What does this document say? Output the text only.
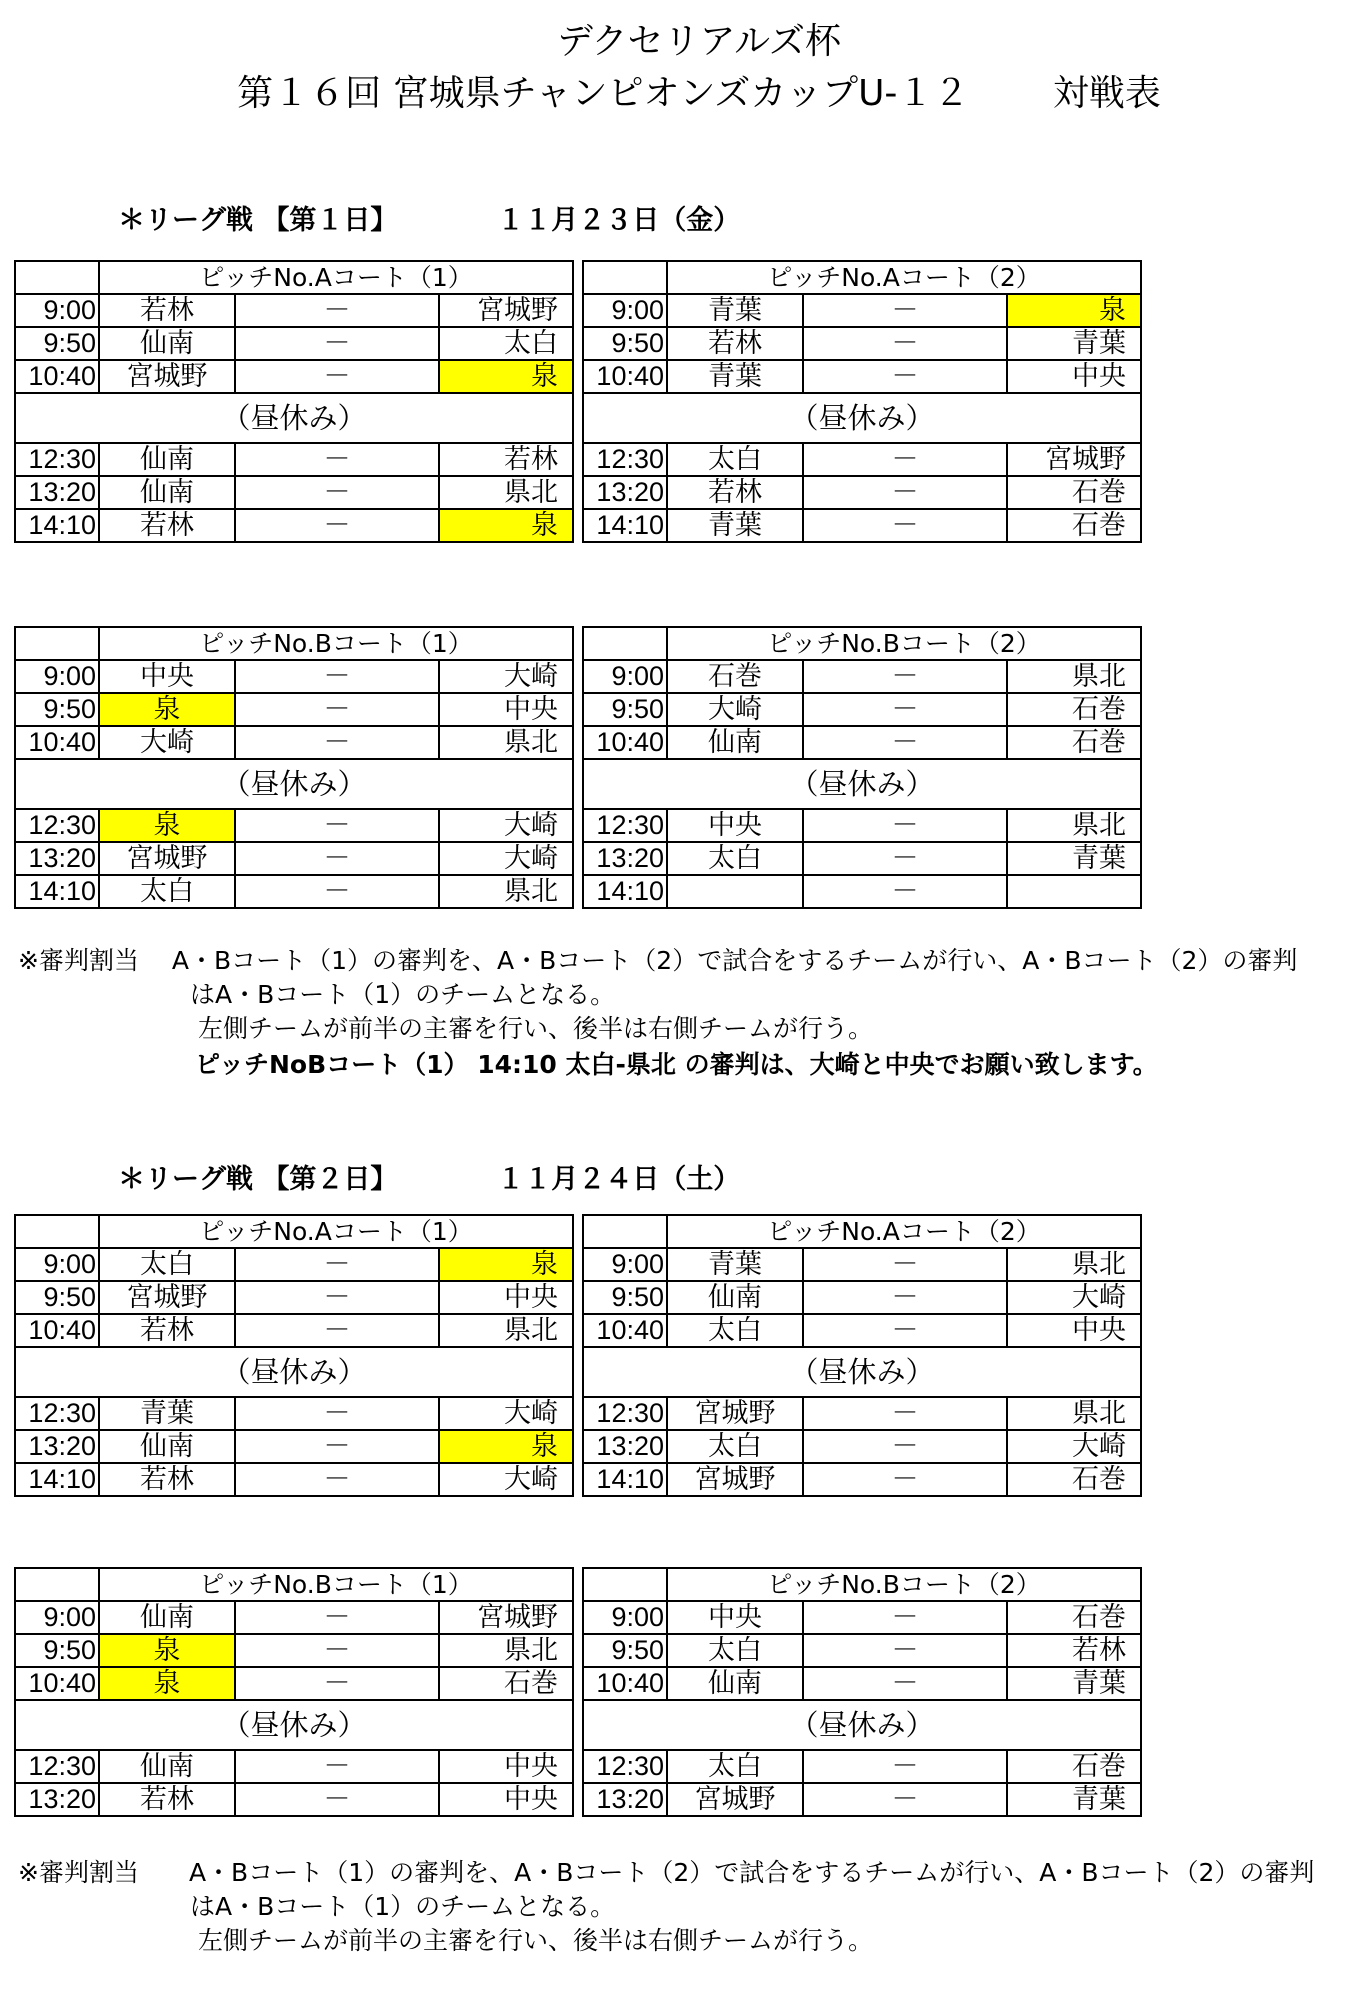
デクセリアルズ杯
第１６回 宮城県チャンピオンズカップU-１２　　 対戦表
＊リーグ戦 【第１日】 　　　 １１月２３日（金）
＊リーグ戦 【第２日】 　　　 １１月２４日（土）
	ピッチNo.Aコート（1）		
9:00	若林	－	宮城野
9:50	仙南	－	太白
10:40	宮城野	－	泉
（昼休み）			
12:30	仙南	－	若林
13:20	仙南	－	県北
14:10	若林	－	泉
	ピッチNo.Aコート（2）		
9:00	青葉	－	泉
9:50	若林	－	青葉
10:40	青葉	－	中央
（昼休み）			
12:30	太白	－	宮城野
13:20	若林	－	石巻
14:10	青葉	－	石巻
	ピッチNo.Bコート（1）		
9:00	中央	－	大崎
9:50	泉	－	中央
10:40	大崎	－	県北
（昼休み）			
12:30	泉	－	大崎
13:20	宮城野	－	大崎
14:10	太白	－	県北
	ピッチNo.Bコート（2）		
9:00	石巻	－	県北
9:50	大崎	－	石巻
10:40	仙南	－	石巻
（昼休み）			
12:30	中央	－	県北
13:20	太白	－	青葉
14:10		－	
	ピッチNo.Aコート（1）		
9:00	太白	－	泉
9:50	宮城野	－	中央
10:40	若林	－	県北
（昼休み）			
12:30	青葉	－	大崎
13:20	仙南	－	泉
14:10	若林	－	大崎
	ピッチNo.Aコート（2）		
9:00	青葉	－	県北
9:50	仙南	－	大崎
10:40	太白	－	中央
（昼休み）			
12:30	宮城野	－	県北
13:20	太白	－	大崎
14:10	宮城野	－	石巻
	ピッチNo.Bコート（1）		
9:00	仙南	－	宮城野
9:50	泉	－	県北
10:40	泉	－	石巻
（昼休み）			
12:30	仙南	－	中央
13:20	若林	－	中央
	ピッチNo.Bコート（2）		
9:00	中央	－	石巻
9:50	太白	－	若林
10:40	仙南	－	青葉
（昼休み）			
12:30	太白	－	石巻
13:20	宮城野	－	青葉
※審判割当　 A・Bコート（1）の審判を、A・Bコート（2）で試合をするチームが行い、A・Bコート（2）の審判
はA・Bコート（1）のチームとなる。
左側チームが前半の主審を行い、後半は右側チームが行う。
ピッチNoBコート（1） 14:10 太白-県北 の審判は、大崎と中央でお願い致します。
※審判割当　　A・Bコート（1）の審判を、A・Bコート（2）で試合をするチームが行い、A・Bコート（2）の審判
はA・Bコート（1）のチームとなる。
左側チームが前半の主審を行い、後半は右側チームが行う。
